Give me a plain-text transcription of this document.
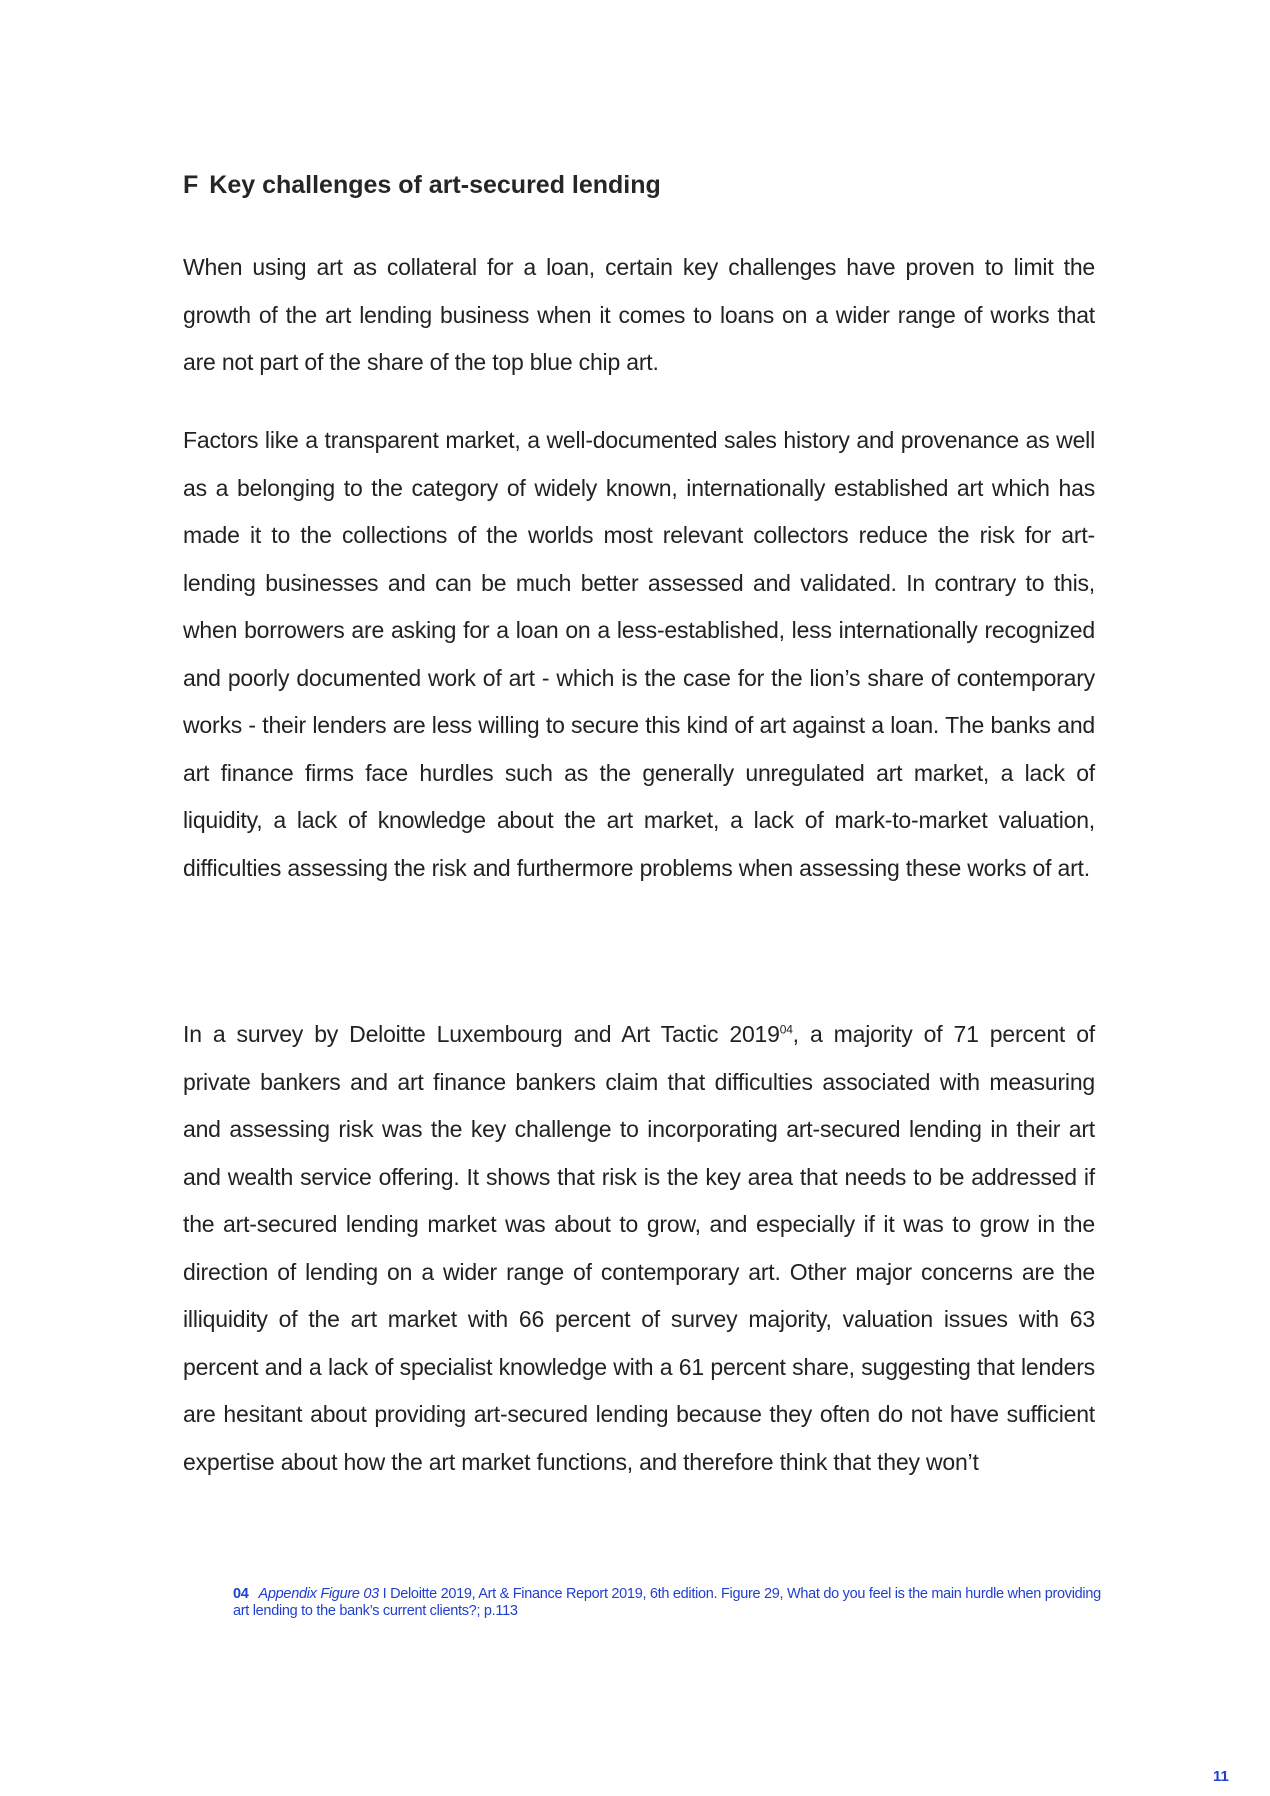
F Key challenges of art-secured lending

When using art as collateral for a loan, certain key challenges have proven to limit the growth of the art lending business when it comes to loans on a wider range of works that are not part of the share of the top blue chip art.

Factors like a transparent market, a well-documented sales history and provenance as well as a belonging to the category of widely known, internationally established art which has made it to the collections of the worlds most relevant collectors reduce the risk for art-lending businesses and can be much better assessed and validated. In contrary to this, when borrowers are asking for a loan on a less-established, less internationally recognized and poorly documented work of art - which is the case for the lion’s share of contemporary works - their lenders are less willing to secure this kind of art against a loan. The banks and art finance firms face hurdles such as the generally unregulated art market, a lack of liquidity, a lack of knowledge about the art market, a lack of mark-to-market valuation, difficulties assessing the risk and furthermore problems when assessing these works of art.

In a survey by Deloitte Luxembourg and Art Tactic 2019$^{04}$, a majority of 71 percent of private bankers and art finance bankers claim that difficulties associated with measuring and assessing risk was the key challenge to incorporating art-secured lending in their art and wealth service offering. It shows that risk is the key area that needs to be addressed if the art-secured lending market was about to grow, and especially if it was to grow in the direction of lending on a wider range of contemporary art. Other major concerns are the illiquidity of the art market with 66 percent of survey majority, valuation issues with 63 percent and a lack of specialist knowledge with a 61 percent share, suggesting that lenders are hesitant about providing art-secured lending because they often do not have sufficient expertise about how the art market functions, and therefore think that they won’t

04 Appendix Figure 03 I Deloitte 2019, Art & Finance Report 2019, 6th edition. Figure 29, What do you feel is the main hurdle when providing art lending to the bank’s current clients?; p.113

11
